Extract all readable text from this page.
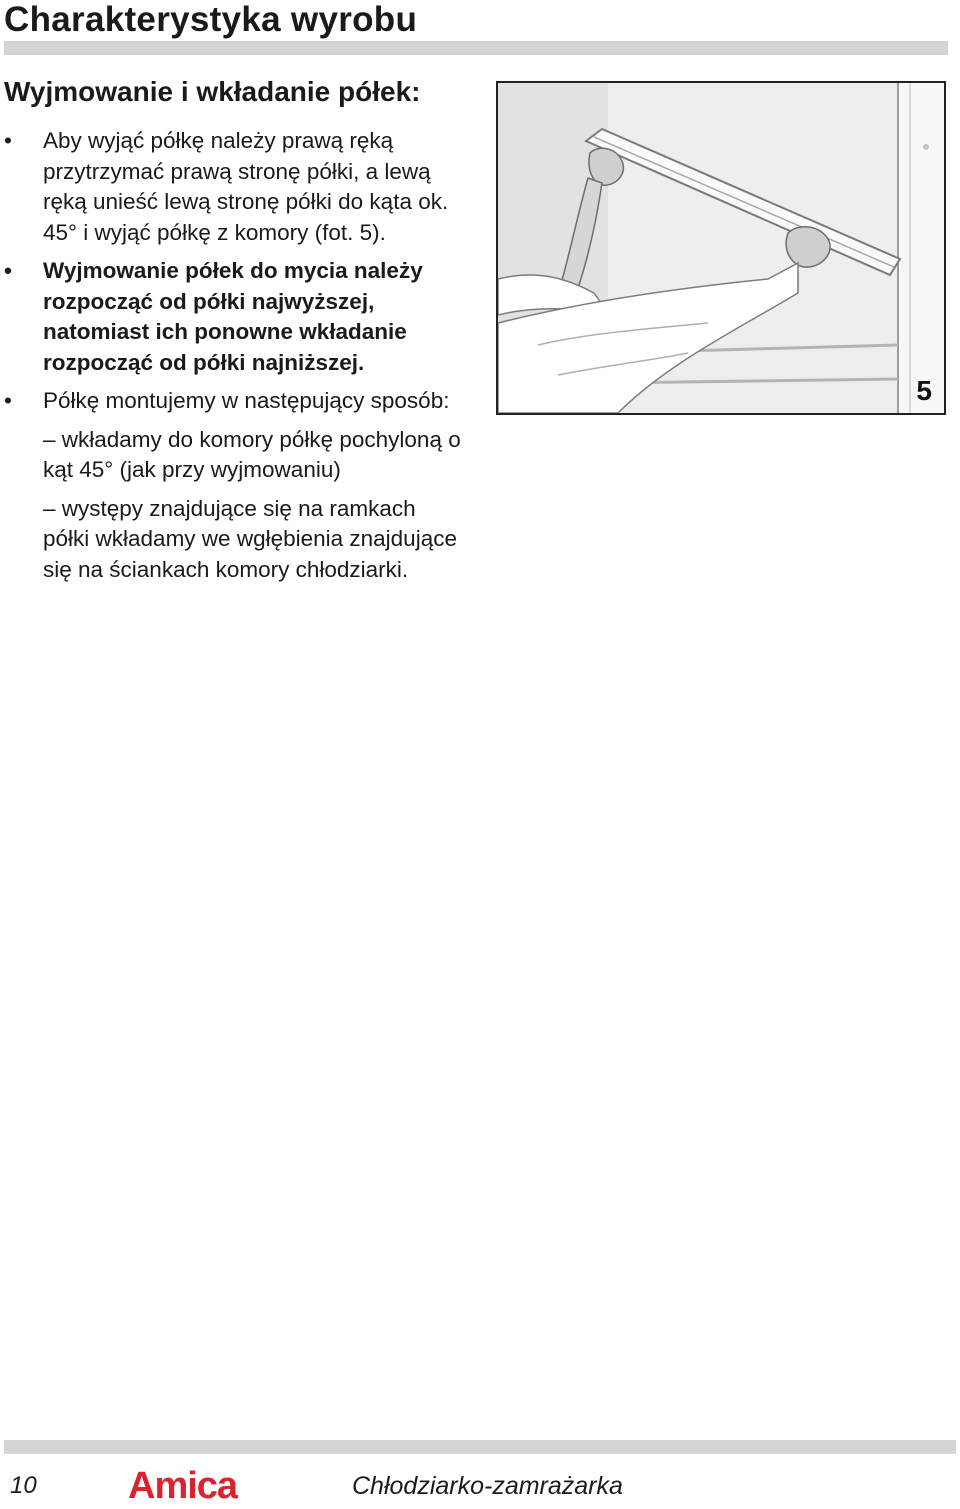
Charakterystyka wyrobu
Wyjmowanie i wkładanie półek:

•	Aby wyjąć półkę należy prawą ręką przytrzymać prawą stronę półki, a lewą ręką unieść lewą stronę półki do kąta ok. 45° i wyjąć półkę z komory (fot. 5).

•	Wyjmowanie półek do mycia należy rozpocząć od półki najwyższej, natomiast ich ponowne wkładanie rozpocząć od półki najniższej.

•	Półkę montujemy w następujący sposób:

– wkładamy do komory półkę pochyloną o kąt 45° (jak przy wyjmowaniu)

– występy znajdujące się na ramkach półki wkładamy we wgłębienia znajdujące się na ściankach komory chłodziarki.

5
10 Amica	Chłodziarko-zamrażarka
